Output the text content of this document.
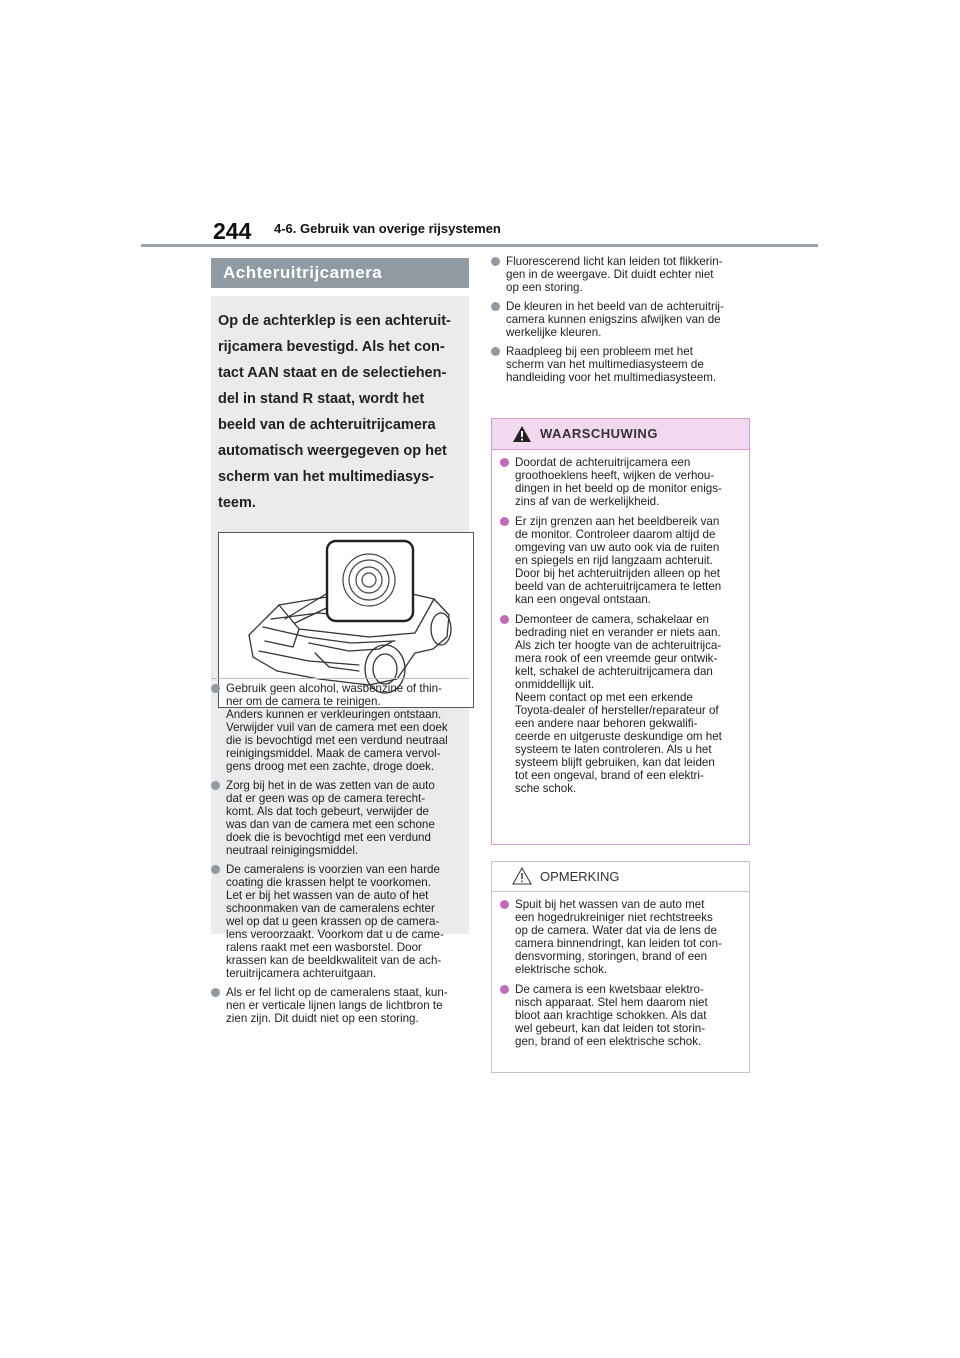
244 4-6. Gebruik van overige rijsystemen
Achteruitrijcamera

Op de achterklep is een achteruit-
rijcamera bevestigd. Als het con-
tact AAN staat en de selectiehen-
del in stand R staat, wordt het
beeld van de achteruitrijcamera
automatisch weergegeven op het
scherm van het multimediasys-
teem.

Gebruik geen alcohol, wasbenzine of thin-
ner om de camera te reinigen.
Anders kunnen er verkleuringen ontstaan.
Verwijder vuil van de camera met een doek
die is bevochtigd met een verdund neutraal
reinigingsmiddel. Maak de camera vervol-
gens droog met een zachte, droge doek.
Zorg bij het in de was zetten van de auto
dat er geen was op de camera terecht-
komt. Als dat toch gebeurt, verwijder de
was dan van de camera met een schone
doek die is bevochtigd met een verdund
neutraal reinigingsmiddel.
De cameralens is voorzien van een harde
coating die krassen helpt te voorkomen.
Let er bij het wassen van de auto of het
schoonmaken van de cameralens echter
wel op dat u geen krassen op de camera-
lens veroorzaakt. Voorkom dat u de came-
ralens raakt met een wasborstel. Door
krassen kan de beeldkwaliteit van de ach-
teruitrijcamera achteruitgaan.
Als er fel licht op de cameralens staat, kun-
nen er verticale lijnen langs de lichtbron te
zien zijn. Dit duidt niet op een storing.
Fluorescerend licht kan leiden tot flikkerin-
gen in de weergave. Dit duidt echter niet
op een storing.
De kleuren in het beeld van de achteruitrij-
camera kunnen enigszins afwijken van de
werkelijke kleuren.
Raadpleeg bij een probleem met het
scherm van het multimediasysteem de
handleiding voor het multimediasysteem.
WAARSCHUWING
Doordat de achteruitrijcamera een
groothoeklens heeft, wijken de verhou-
dingen in het beeld op de monitor enigs-
zins af van de werkelijkheid.
Er zijn grenzen aan het beeldbereik van
de monitor. Controleer daarom altijd de
omgeving van uw auto ook via de ruiten
en spiegels en rijd langzaam achteruit.
Door bij het achteruitrijden alleen op het
beeld van de achteruitrijcamera te letten
kan een ongeval ontstaan.
Demonteer de camera, schakelaar en
bedrading niet en verander er niets aan.
Als zich ter hoogte van de achteruitrijca-
mera rook of een vreemde geur ontwik-
kelt, schakel de achteruitrijcamera dan
onmiddellijk uit.
Neem contact op met een erkende
Toyota-dealer of hersteller/reparateur of
een andere naar behoren gekwalifi-
ceerde en uitgeruste deskundige om het
systeem te laten controleren. Als u het
systeem blijft gebruiken, kan dat leiden
tot een ongeval, brand of een elektri-
sche schok.
OPMERKING
Spuit bij het wassen van de auto met
een hogedrukreiniger niet rechtstreeks
op de camera. Water dat via de lens de
camera binnendringt, kan leiden tot con-
densvorming, storingen, brand of een
elektrische schok.
De camera is een kwetsbaar elektro-
nisch apparaat. Stel hem daarom niet
bloot aan krachtige schokken. Als dat
wel gebeurt, kan dat leiden tot storin-
gen, brand of een elektrische schok.
